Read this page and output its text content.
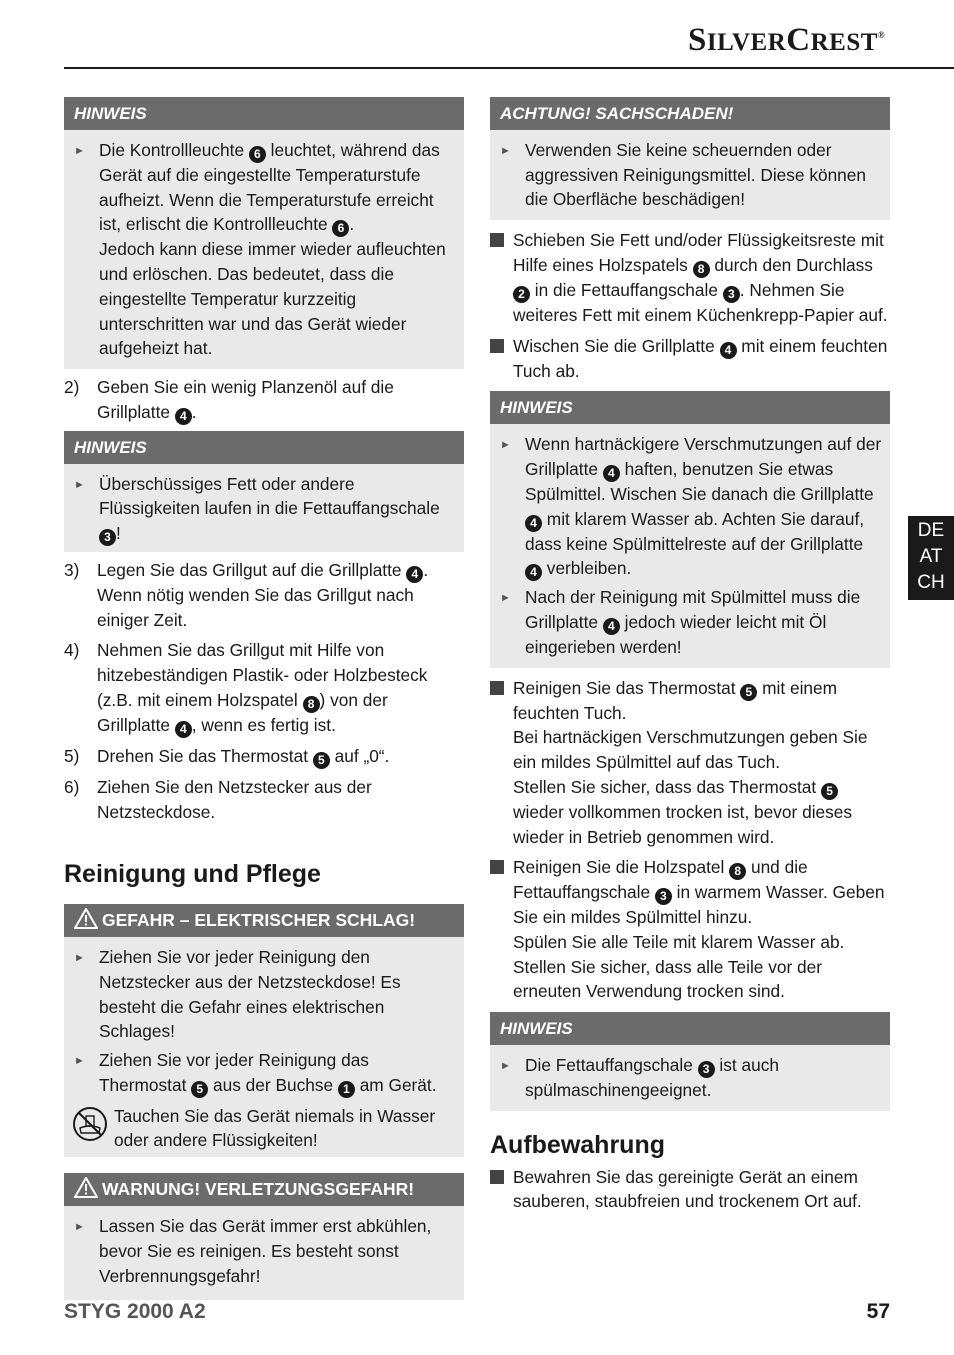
SILVERCREST®
HINWEIS
► Die Kontrollleuchte 6 leuchtet, während das Gerät auf die eingestellte Temperaturstufe aufheizt. Wenn die Temperaturstufe erreicht ist, erlischt die Kontrollleuchte 6 .
Jedoch kann diese immer wieder aufleuchten und erlöschen. Das bedeutet, dass die eingestellte Temperatur kurzzeitig unterschritten war und das Gerät wieder aufgeheizt hat.
2)	Geben Sie ein wenig Planzenöl auf die Grillplatte 4 .
HINWEIS
► Überschüssiges Fett oder andere Flüssigkeiten laufen in die Fettauffangschale 3 !
3)	Legen Sie das Grillgut auf die Grillplatte 4 . Wenn nötig wenden Sie das Grillgut nach einiger Zeit.
4)	Nehmen Sie das Grillgut mit Hilfe von hitzebeständigen Plastik- oder Holzbesteck (z.B. mit einem Holzspatel 8 ) von der Grillplatte 4 , wenn es fertig ist.
5)	Drehen Sie das Thermostat 5 auf „0“.
6)	Ziehen Sie den Netzstecker aus der Netzsteckdose.
Reinigung und Pflege
GEFAHR – ELEKTRISCHER SCHLAG!
► Ziehen Sie vor jeder Reinigung den Netzstecker aus der Netzsteckdose! Es besteht die Gefahr eines elektrischen Schlages!
► Ziehen Sie vor jeder Reinigung das Thermostat 5 aus der Buchse 1 am Gerät.
Tauchen Sie das Gerät niemals in Wasser oder andere Flüssigkeiten!
WARNUNG! VERLETZUNGSGEFAHR!
► Lassen Sie das Gerät immer erst abkühlen, bevor Sie es reinigen. Es besteht sonst Verbrennungsgefahr!
ACHTUNG! SACHSCHADEN!
► Verwenden Sie keine scheuernden oder aggressiven Reinigungsmittel. Diese können die Oberfläche beschädigen!
Schieben Sie Fett und/oder Flüssigkeitsreste mit Hilfe eines Holzspatels 8 durch den Durchlass 2 in die Fettauffangschale 3 . Nehmen Sie weiteres Fett mit einem Küchenkrepp-Papier auf.
Wischen Sie die Grillplatte 4 mit einem feuchten Tuch ab.
HINWEIS
► Wenn hartnäckigere Verschmutzungen auf der Grillplatte 4 haften, benutzen Sie etwas Spülmittel. Wischen Sie danach die Grillplatte 4 mit klarem Wasser ab. Achten Sie darauf, dass keine Spülmittelreste auf der Grillplatte 4 verbleiben.
► Nach der Reinigung mit Spülmittel muss die Grillplatte 4 jedoch wieder leicht mit Öl eingerieben werden!
Reinigen Sie das Thermostat 5 mit einem feuchten Tuch.
Bei hartnäckigen Verschmutzungen geben Sie ein mildes Spülmittel auf das Tuch.
Stellen Sie sicher, dass das Thermostat 5 wieder vollkommen trocken ist, bevor dieses wieder in Betrieb genommen wird.
Reinigen Sie die Holzspatel 8 und die Fettauffangschale 3 in warmem Wasser. Geben Sie ein mildes Spülmittel hinzu.
Spülen Sie alle Teile mit klarem Wasser ab. Stellen Sie sicher, dass alle Teile vor der erneuten Verwendung trocken sind.
HINWEIS
► Die Fettauffangschale 3 ist auch spülmaschinengeeignet.
Aufbewahrung
Bewahren Sie das gereinigte Gerät an einem sauberen, staubfreien und trockenem Ort auf.
DE
AT
CH
STYG 2000 A2	57
